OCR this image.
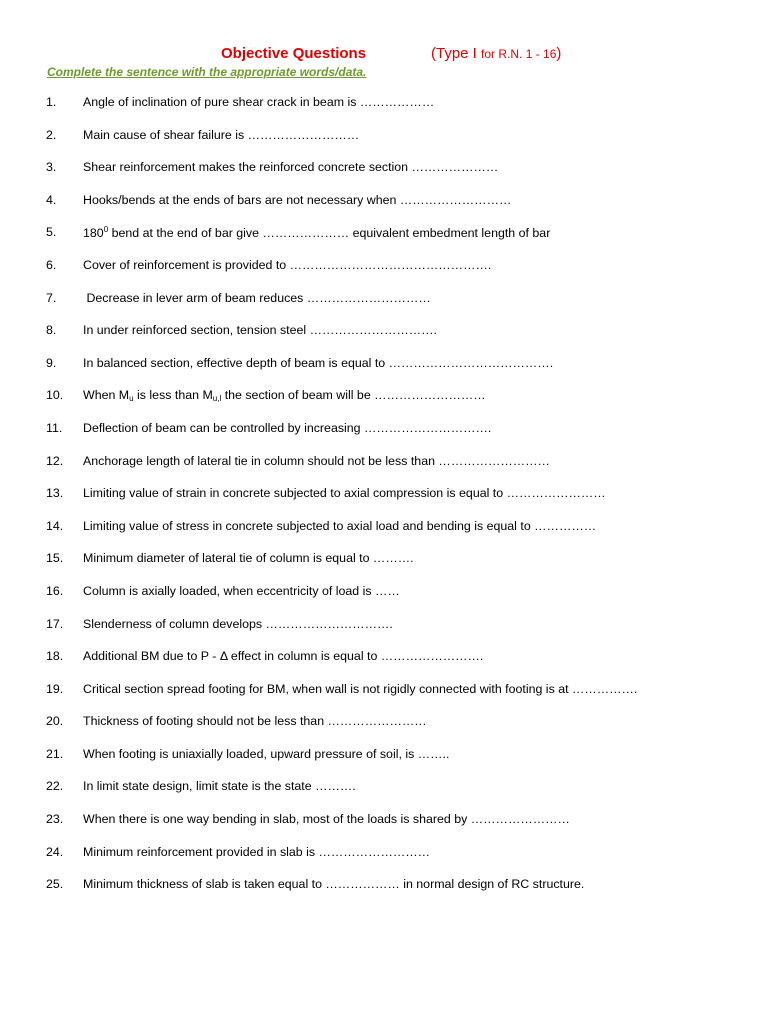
Objective Questions	(Type I for R.N. 1 - 16)
Complete the sentence with the appropriate words/data.
1. Angle of inclination of pure shear crack in beam is ………………
2. Main cause of shear failure is ………………………
3. Shear reinforcement makes the reinforced concrete section …………………
4. Hooks/bends at the ends of bars are not necessary when ………………………
5. $180^0$ bend at the end of bar give ………………… equivalent embedment length of bar
6. Cover of reinforcement is provided to ………………………………………….
7. Decrease in lever arm of beam reduces …………………………
8. In under reinforced section, tension steel ………………………….
9. In balanced section, effective depth of beam is equal to ………………………………….
10. When $M_u$ is less than $M_{u,l}$ the section of beam will be ………………………
11. Deflection of beam can be controlled by increasing ………………………….
12. Anchorage length of lateral tie in column should not be less than ………………………
13. Limiting value of strain in concrete subjected to axial compression is equal to ……………………
14. Limiting value of stress in concrete subjected to axial load and bending is equal to ……………
15. Minimum diameter of lateral tie of column is equal to ……….
16. Column is axially loaded, when eccentricity of load is ……
17. Slenderness of column develops ………………………….
18. Additional BM due to P - Δ effect in column is equal to …………………….
19. Critical section spread footing for BM, when wall is not rigidly connected with footing is at …………….
20. Thickness of footing should not be less than ……………………
21. When footing is uniaxially loaded, upward pressure of soil, is ……..
22. In limit state design, limit state is the state ……….
23. When there is one way bending in slab, most of the loads is shared by ……………………
24. Minimum reinforcement provided in slab is ………………………
25. Minimum thickness of slab is taken equal to ……………… in normal design of RC structure.
